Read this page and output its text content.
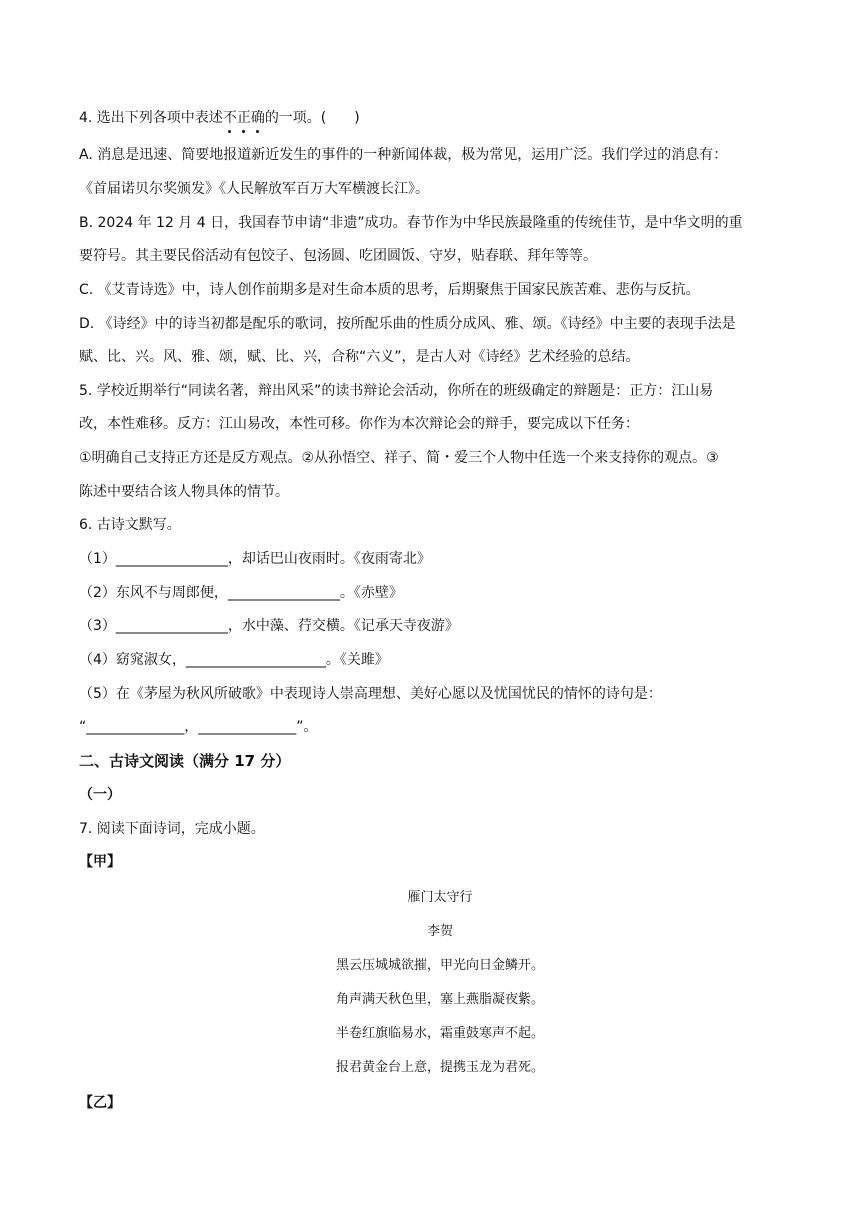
4. 选出下列各项中表述不正确的一项。(　　)
A. 消息是迅速、简要地报道新近发生的事件的一种新闻体裁，极为常见，运用广泛。我们学过的消息有：
《首届诺贝尔奖颁发》《人民解放军百万大军横渡长江》。
B. 2024 年 12 月 4 日，我国春节申请“非遗”成功。春节作为中华民族最隆重的传统佳节，是中华文明的重
要符号。其主要民俗活动有包饺子、包汤圆、吃团圆饭、守岁，贴春联、拜年等等。
C. 《艾青诗选》中，诗人创作前期多是对生命本质的思考，后期聚焦于国家民族苦难、悲伤与反抗。
D. 《诗经》中的诗当初都是配乐的歌词，按所配乐曲的性质分成风、雅、颂。《诗经》中主要的表现手法是
赋、比、兴。风、雅、颂，赋、比、兴，合称“六义”，是古人对《诗经》艺术经验的总结。
5. 学校近期举行“同读名著，辩出风采”的读书辩论会活动，你所在的班级确定的辩题是：正方：江山易
改，本性难移。反方：江山易改，本性可移。你作为本次辩论会的辩手，要完成以下任务：
①明确自己支持正方还是反方观点。②从孙悟空、祥子、简・爱三个人物中任选一个来支持你的观点。③
陈述中要结合该人物具体的情节。
6. 古诗文默写。
（1）________________，却话巴山夜雨时。《夜雨寄北》
（2）东风不与周郎便，________________。《赤壁》
（3）________________，水中藻、荇交横。《记承天寺夜游》
（4）窈窕淑女，____________________。《关雎》
（5）在《茅屋为秋风所破歌》中表现诗人崇高理想、美好心愿以及忧国忧民的情怀的诗句是：
“______________，______________”。
二、古诗文阅读（满分 17 分）
（一）
7. 阅读下面诗词，完成小题。
【甲】
雁门太守行
李贺
黑云压城城欲摧，甲光向日金鳞开。
角声满天秋色里，塞上燕脂凝夜紫。
半卷红旗临易水，霜重鼓寒声不起。
报君黄金台上意，提携玉龙为君死。
【乙】
